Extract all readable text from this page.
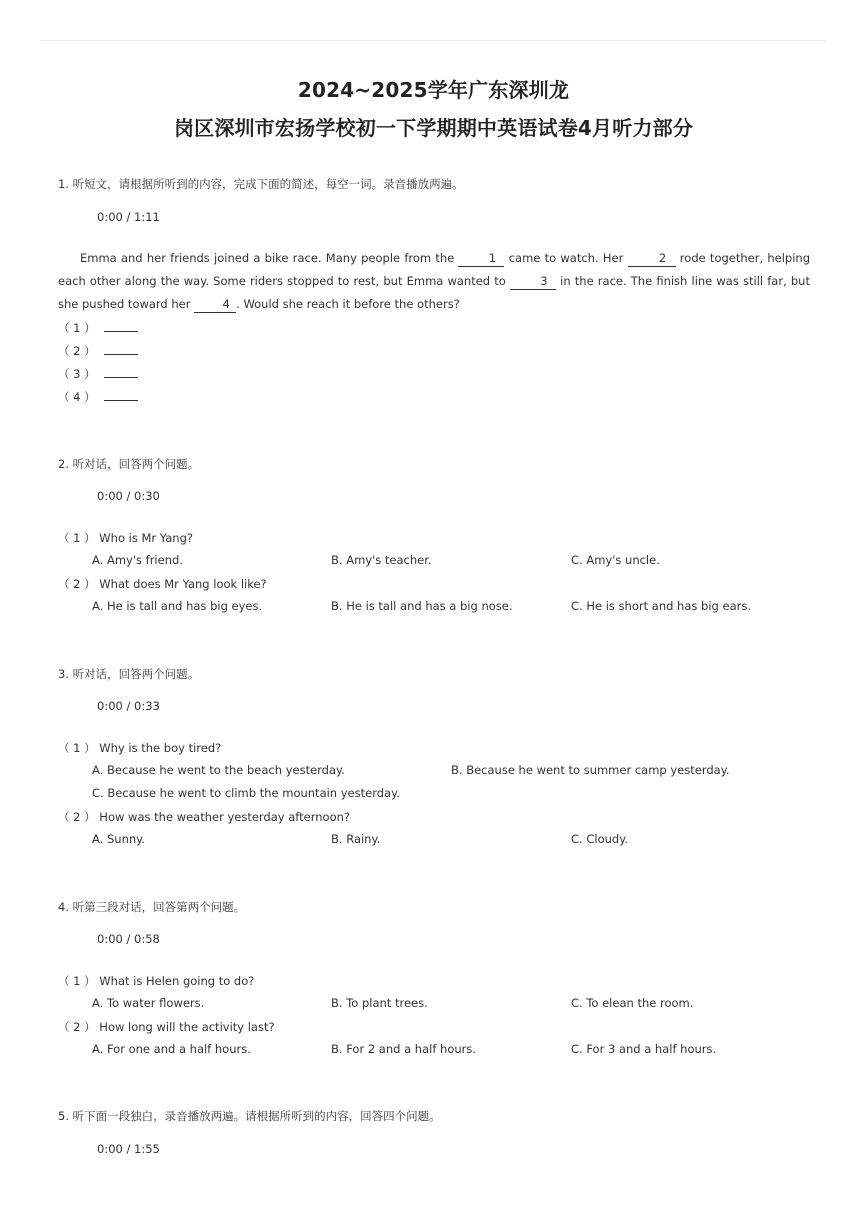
2024~2025学年广东深圳龙
岗区深圳市宏扬学校初一下学期期中英语试卷4月听力部分
1. 听短文，请根据所听到的内容，完成下面的简述，每空一词。录音播放两遍。
0:00 / 1:11
Emma and her friends joined a bike race. Many people from the	1 came to watch. Her	2 rode together, helping each other along the way. Some riders stopped to rest, but Emma wanted to	3 in the race. The finish line was still far, but she pushed toward her 4 . Would she reach it before the others?
（ 1 ）
（ 2 ）
（ 3 ）
（ 4 ）
2. 听对话，回答两个问题。
0:00 / 0:30
（ 1 ） Who is Mr Yang?
A. Amy's friend.	B. Amy's teacher.	C. Amy's uncle.
（ 2 ） What does Mr Yang look like?
A. He is tall and has big eyes.	B. He is tall and has a big nose.	C. He is short and has big ears.
3. 听对话，回答两个问题。
0:00 / 0:33
（ 1 ） Why is the boy tired?
A. Because he went to the beach yesterday.	B. Because he went to summer camp yesterday.
C. Because he went to climb the mountain yesterday.
（ 2 ） How was the weather yesterday afternoon?
A. Sunny.	B. Rainy.	C. Cloudy.
4. 听第三段对话，回答第两个问题。
0:00 / 0:58
（ 1 ） What is Helen going to do?
A. To water flowers.	B. To plant trees.	C. To elean the room.
（ 2 ） How long will the activity last?
A. For one and a half hours.	B. For 2 and a half hours.	C. For 3 and a half hours.
5. 听下面一段独白，录音播放两遍。请根据所听到的内容，回答四个问题。
0:00 / 1:55
